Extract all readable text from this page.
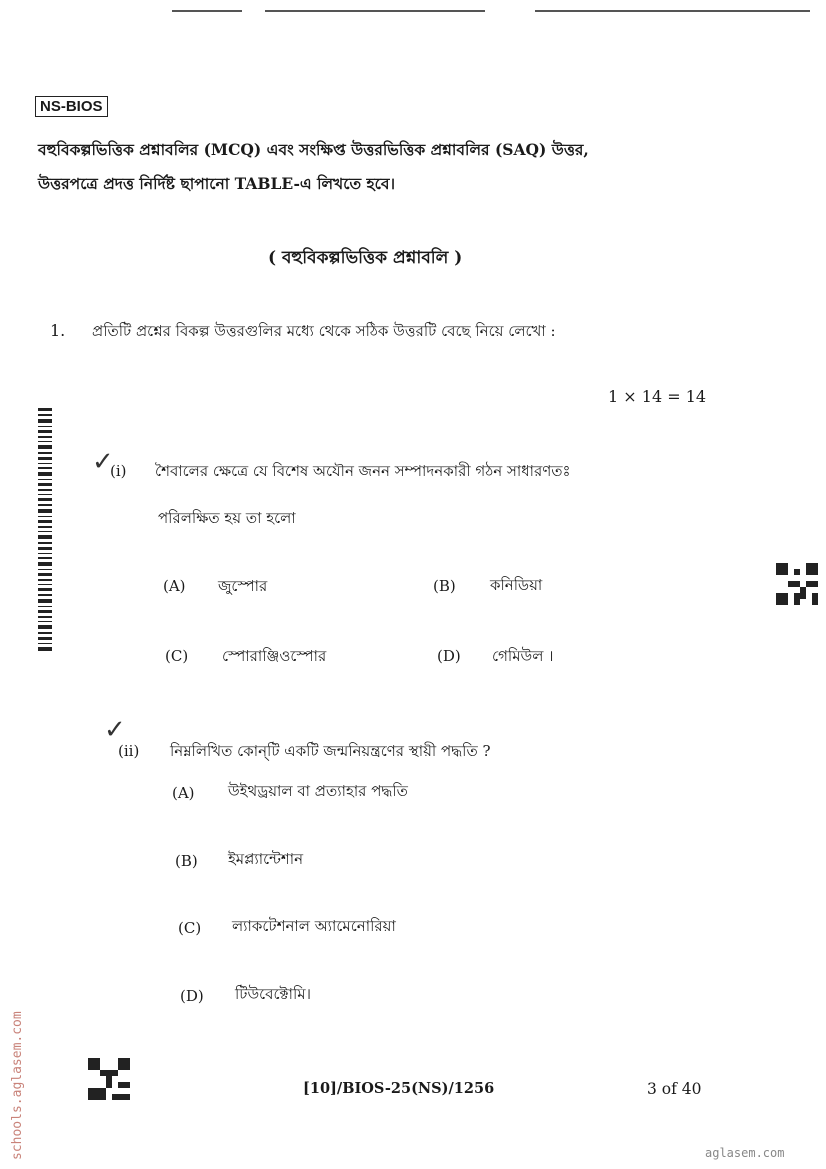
NS-BIOS
বহুবিকল্পভিত্তিক প্রশ্নাবলির (MCQ) এবং সংক্ষিপ্ত উত্তরভিত্তিক প্রশ্নাবলির (SAQ) উত্তর,
উত্তরপত্রে প্রদত্ত নির্দিষ্ট ছাপানো TABLE-এ লিখতে হবে।
( বহুবিকল্পভিত্তিক প্রশ্নাবলি )
1. প্রতিটি প্রশ্নের বিকল্প উত্তরগুলির মধ্যে থেকে সঠিক উত্তরটি বেছে নিয়ে লেখো :
1 × 14 = 14
✓
(i) শৈবালের ক্ষেত্রে যে বিশেষ অযৌন জনন সম্পাদনকারী গঠন সাধারণতঃ
পরিলক্ষিত হয় তা হলো
(A) জুস্পোর	(B) কনিডিয়া
(C) স্পোরাঞ্জিওস্পোর	(D) গেমিউল ।
✓
(ii) নিম্নলিখিত কোন্‌টি একটি জন্মনিয়ন্ত্রণের স্থায়ী পদ্ধতি ?
(A) উইথড্রয়াল বা প্রত্যাহার পদ্ধতি
(B) ইমপ্ল্যান্টেশান
(C) ল্যাকটেশনাল অ্যামেনোরিয়া
(D) টিউবেক্টোমি।
[10]/BIOS-25(NS)/1256	3 of 40
schools.aglasem.com	aglasem.com
